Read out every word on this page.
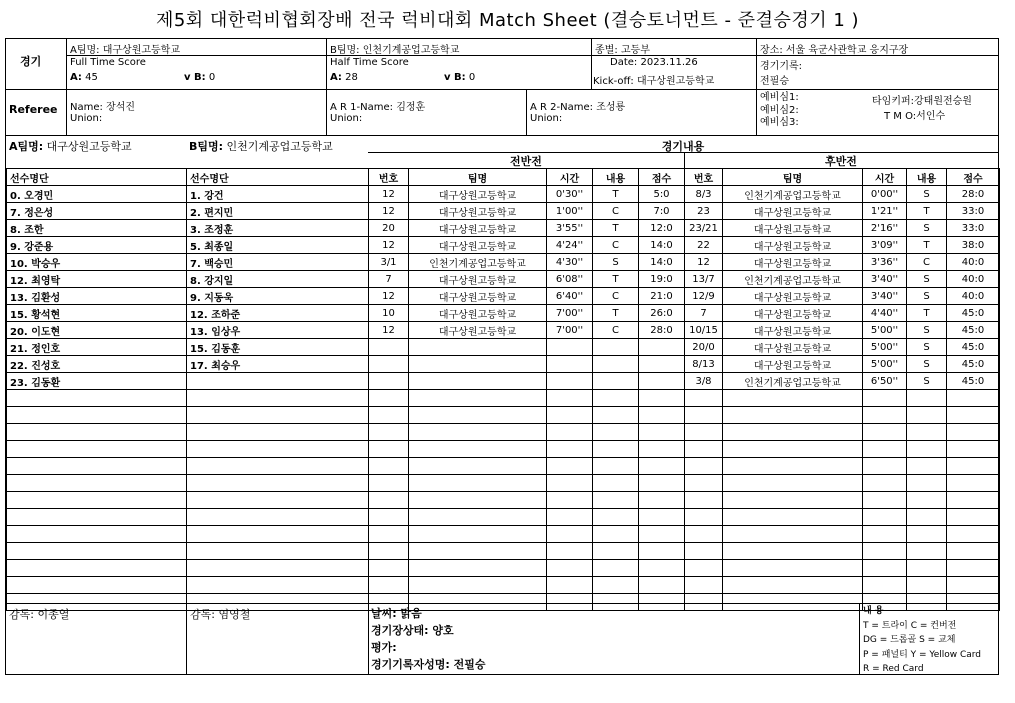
제5회 대한럭비협회장배 전국 럭비대회 Match Sheet (결승토너먼트 - 준결승경기 1 )
경기
A팀명: 대구상원고등학교	B팀명: 인천기계공업고등학교	종별: 고등부	장소: 서울 육군사관학교 응지구장
Full Time Score
A: 45	v B: 0
Half Time Score
A: 28	v B: 0
Date: 2023.11.26
Kick-off: 대구상원고등학교
경기기록:
전필승
Referee Name: 장석진
Union:
A R 1-Name: 김정훈
Union:
A R 2-Name: 조성룡
Union:
예비심1:
예비심2:
예비심3:
타임키퍼:강태원전승원
T M O:서인수
A팀명: 대구상원고등학교	B팀명: 인천기계공업고등학교	경기내용
전반전	후반전
선수명단	선수명단	번호	팀명	시간	내용	점수	번호	팀명	시간	내용	점수
0. 오경민	1. 강건	12	대구상원고등학교	0'30''	T	5:0	8/3	인천기계공업고등학교	0'00''	S	28:0
7. 정은성	2. 편지민	12	대구상원고등학교	1'00''	C	7:0	23	대구상원고등학교	1'21''	T	33:0
8. 조한	3. 조정훈	20	대구상원고등학교	3'55''	T	12:0	23/21	대구상원고등학교	2'16''	S	33:0
9. 강준용	5. 최종일	12	대구상원고등학교	4'24''	C	14:0	22	대구상원고등학교	3'09''	T	38:0
10. 박승우	7. 백승민	3/1	인천기계공업고등학교	4'30''	S	14:0	12	대구상원고등학교	3'36''	C	40:0
12. 최영탁	8. 강지일	7	대구상원고등학교	6'08''	T	19:0	13/7	인천기계공업고등학교	3'40''	S	40:0
13. 김환성	9. 지동욱	12	대구상원고등학교	6'40''	C	21:0	12/9	대구상원고등학교	3'40''	S	40:0
15. 황석현	12. 조하준	10	대구상원고등학교	7'00''	T	26:0	7	대구상원고등학교	4'40''	T	45:0
20. 이도현	13. 임상우	12	대구상원고등학교	7'00''	C	28:0	10/15	대구상원고등학교	5'00''	S	45:0
21. 정인호	15. 김동훈						20/0	대구상원고등학교	5'00''	S	45:0
22. 진성호	17. 최승우						8/13	대구상원고등학교	5'00''	S	45:0
23. 김동환							3/8	인천기계공업고등학교	6'50''	S	45:0

감독: 이종열	감독: 염영철	날씨: 맑음
경기장상태: 양호
평가:
경기기록자성명: 전필승
내 용
T = 트라이 C = 컨버전
DG = 드롭골 S = 교체
P = 패널티 Y = Yellow Card
R = Red Card
